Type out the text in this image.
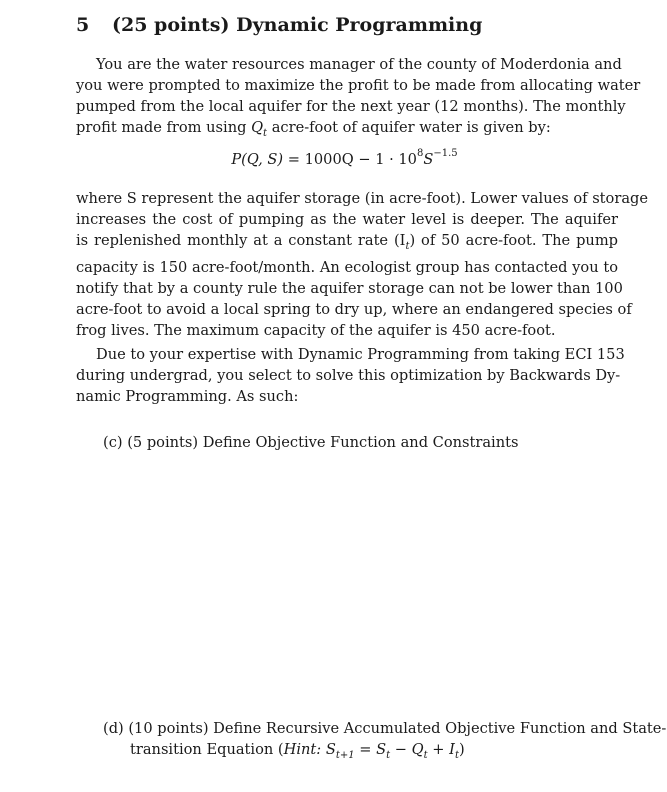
5 (25 points) Dynamic Programming
You are the water resources manager of the county of Moderdonia and
you were prompted to maximize the profit to be made from allocating water
pumped from the local aquifer for the next year (12 months). The monthly
profit made from using $Q_t$ acre-foot of aquifer water is given by:
P(Q, $S) = 1000Q - 1 \cdot 10^8S^{-1.5}$
where S represent the aquifer storage (in acre-foot). Lower values of storage
increases the cost of pumping as the water level is deeper. The aquifer
is replenished monthly at a constant rate $(I_t)$ of 50 acre-foot. The pump
capacity is 150 acre-foot/month. An ecologist group has contacted you to
notify that by a county rule the aquifer storage can not be lower than 100
acre-foot to avoid a local spring to dry up, where an endangered species of
frog lives. The maximum capacity of the aquifer is 450 acre-foot.
Due to your expertise with Dynamic Programming from taking ECI 153
during undergrad, you select to solve this optimization by Backwards Dy-
namic Programming. As such:
(c) (5 points) Define Objective Function and Constraints
(d) (10 points) Define Recursive Accumulated Objective Function and State-
transition Equation (Hint: $S_{t+1} = S_t - Q_t + I_t$)
